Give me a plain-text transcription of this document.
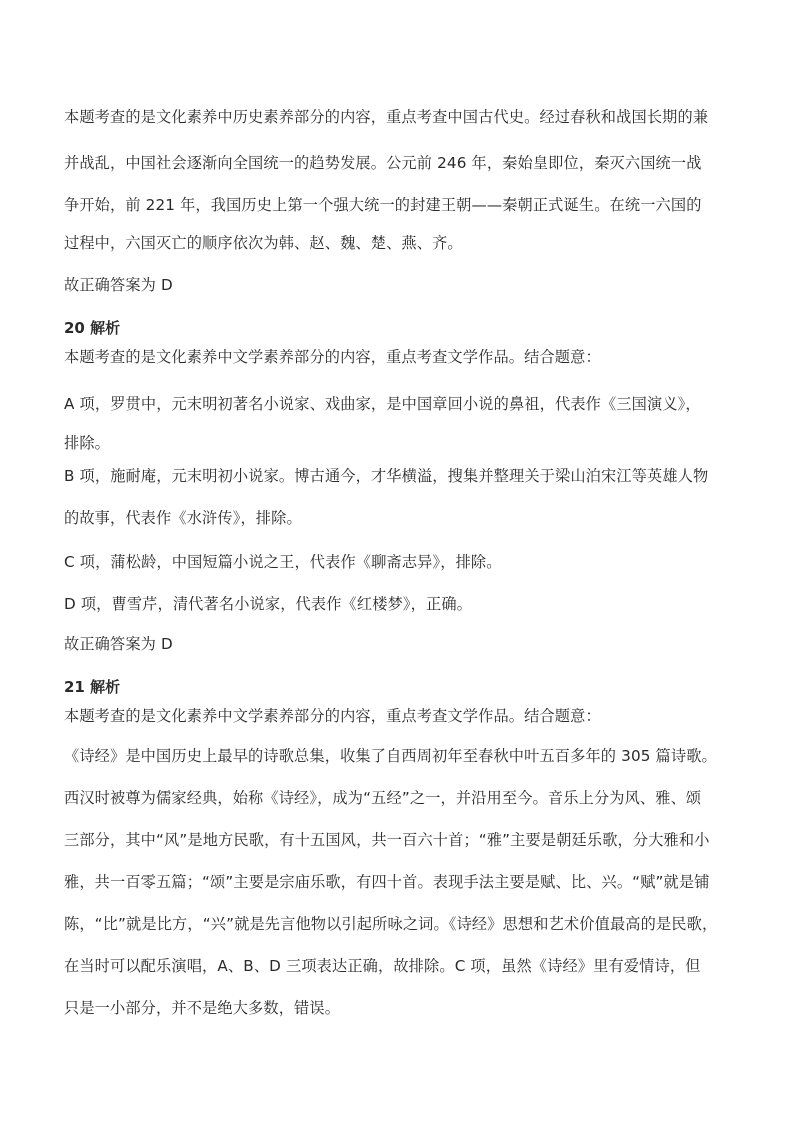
本题考查的是文化素养中历史素养部分的内容，重点考查中国古代史。经过春秋和战国长期的兼
并战乱，中国社会逐渐向全国统一的趋势发展。公元前 246 年，秦始皇即位，秦灭六国统一战
争开始，前 221 年，我国历史上第一个强大统一的封建王朝——秦朝正式诞生。在统一六国的
过程中，六国灭亡的顺序依次为韩、赵、魏、楚、燕、齐。
故正确答案为 D
20 解析
本题考查的是文化素养中文学素养部分的内容，重点考查文学作品。结合题意：
A 项，罗贯中，元末明初著名小说家、戏曲家，是中国章回小说的鼻祖，代表作《三国演义》，
排除。
B 项，施耐庵，元末明初小说家。博古通今，才华横溢，搜集并整理关于梁山泊宋江等英雄人物
的故事，代表作《水浒传》，排除。
C 项，蒲松龄，中国短篇小说之王，代表作《聊斋志异》，排除。
D 项，曹雪芹，清代著名小说家，代表作《红楼梦》，正确。
故正确答案为 D
21 解析
本题考查的是文化素养中文学素养部分的内容，重点考查文学作品。结合题意：
《诗经》是中国历史上最早的诗歌总集，收集了自西周初年至春秋中叶五百多年的 305 篇诗歌。
西汉时被尊为儒家经典，始称《诗经》，成为“五经”之一，并沿用至今。音乐上分为风、雅、颂
三部分，其中“风”是地方民歌，有十五国风，共一百六十首；“雅”主要是朝廷乐歌，分大雅和小
雅，共一百零五篇；“颂”主要是宗庙乐歌，有四十首。表现手法主要是赋、比、兴。“赋”就是铺
陈，“比”就是比方，“兴”就是先言他物以引起所咏之词。《诗经》思想和艺术价值最高的是民歌，
在当时可以配乐演唱，A、B、D 三项表达正确，故排除。C 项，虽然《诗经》里有爱情诗，但
只是一小部分，并不是绝大多数，错误。
